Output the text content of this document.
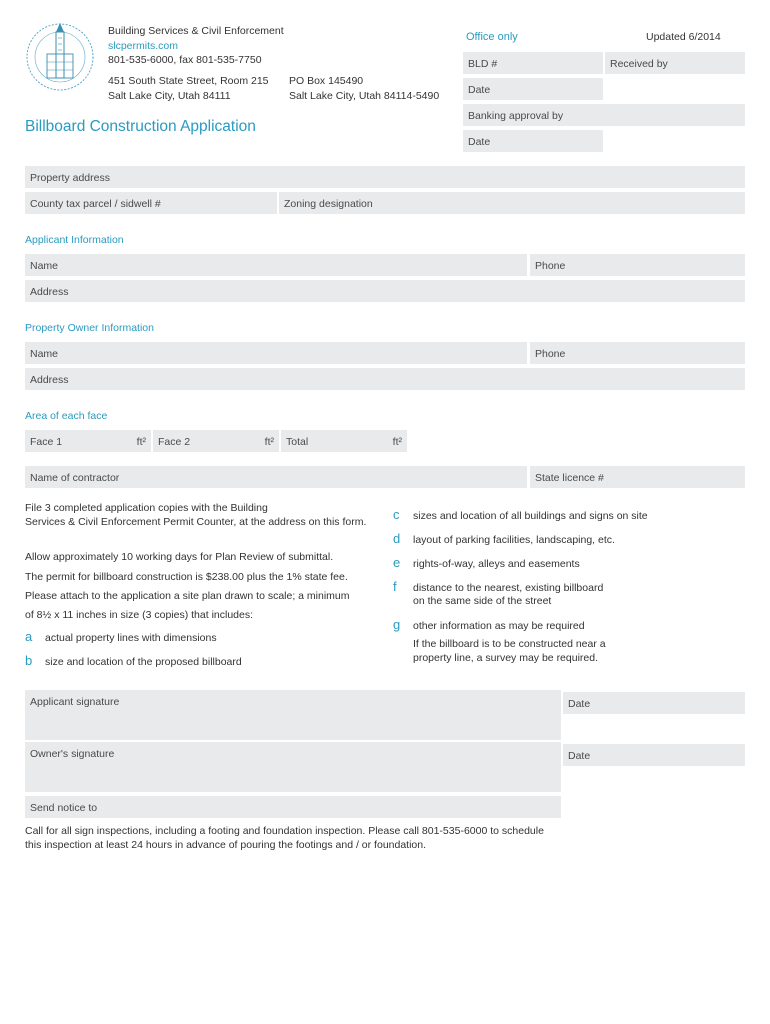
Building Services & Civil Enforcement
slcpermits.com
801-535-6000, fax 801-535-7750
451 South State Street, Room 215
Salt Lake City, Utah 84111
PO Box 145490
Salt Lake City, Utah 84114-5490
Billboard Construction Application
Office only	Updated 6/2014
BLD #	Received by
Date
Banking approval by
Date
Property address
County tax parcel / sidwell #	Zoning designation
Applicant Information
Name	Phone
Address
Property Owner Information
Name	Phone
Address
Area of each face
Face 1	ft²	Face 2	ft²	Total	ft²
Name of contractor	State licence #
File 3 completed application copies with the Building
Services & Civil Enforcement Permit Counter, at the address on this form.
Allow approximately 10 working days for Plan Review of submittal.
The permit for billboard construction is $238.00 plus the 1% state fee.
Please attach to the application a site plan drawn to scale; a minimum
of 8½ x 11 inches in size (3 copies) that includes:
a actual property lines with dimensions
b size and location of the proposed billboard
c sizes and location of all buildings and signs on site
d layout of parking facilities, landscaping, etc.
e rights-of-way, alleys and easements
f distance to the nearest, existing billboard
on the same side of the street
g other information as may be required
If the billboard is to be constructed near a
property line, a survey may be required.
Applicant signature	Date
Owner's signature	Date
Send notice to
Call for all sign inspections, including a footing and foundation inspection. Please call 801-535-6000 to schedule
this inspection at least 24 hours in advance of pouring the footings and / or foundation.
